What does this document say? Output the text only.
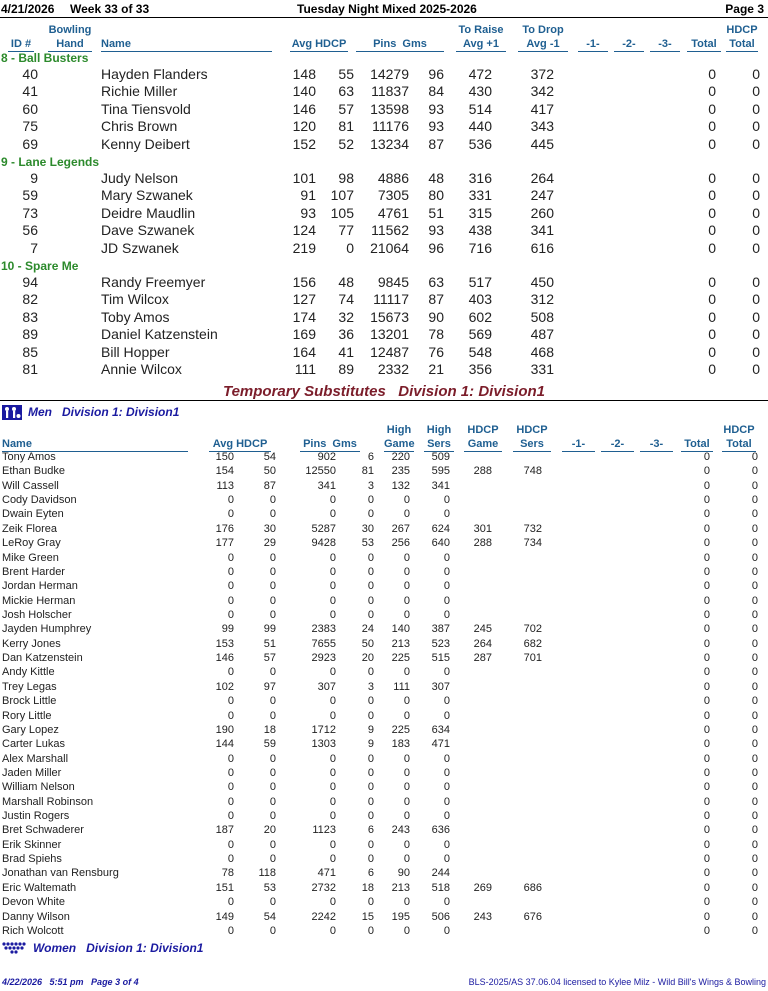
4/21/2026 Week 33 of 33	Tuesday Night Mixed 2025-2026	Page 3
ID #
Bowling
Hand	Name	Avg HDCP	Pins  Gms
To Raise
Avg +1
To Drop
Avg -1	-1-	-2-	-3-	Total
HDCP
Total
8 - Ball Busters
40	Hayden Flanders	148	55	14279	96	472	372	0	0
41	Richie Miller	140	63	11837	84	430	342	0	0
60	Tina Tiensvold	146	57	13598	93	514	417	0	0
75	Chris Brown	120	81	11176	93	440	343	0	0
69	Kenny Deibert	152	52	13234	87	536	445	0	0
9 - Lane Legends
9	Judy Nelson	101	98	4886	48	316	264	0	0
59	Mary Szwanek	91	107	7305	80	331	247	0	0
73	Deidre Maudlin	93	105	4761	51	315	260	0	0
56	Dave Szwanek	124	77	11562	93	438	341	0	0
7	JD Szwanek	219	0	21064	96	716	616	0	0
10 - Spare Me
94	Randy Freemyer	156	48	9845	63	517	450	0	0
82	Tim Wilcox	127	74	11117	87	403	312	0	0
83	Toby Amos	174	32	15673	90	602	508	0	0
89	Daniel Katzenstein	169	36	13201	78	569	487	0	0
85	Bill Hopper	164	41	12487	76	548	468	0	0
81	Annie Wilcox	111	89	2332	21	356	331	0	0
Temporary Substitutes   Division 1: Division1
Men   Division 1: Division1
Name	Avg HDCP	Pins  Gms
High
Game
High
Sers
HDCP
Game
HDCP
Sers	-1-	-2-	-3-	Total
HDCP
Total
Tony Amos	150	54	902	6	220	509	0	0
Ethan Budke	154	50	12550	81	235	595	288	748	0	0
Will Cassell	113	87	341	3	132	341	0	0
Cody Davidson	0	0	0	0	0	0	0	0
Dwain Eyten	0	0	0	0	0	0	0	0
Zeik Florea	176	30	5287	30	267	624	301	732	0	0
LeRoy Gray	177	29	9428	53	256	640	288	734	0	0
Mike Green	0	0	0	0	0	0	0	0
Brent Harder	0	0	0	0	0	0	0	0
Jordan Herman	0	0	0	0	0	0	0	0
Mickie Herman	0	0	0	0	0	0	0	0
Josh Holscher	0	0	0	0	0	0	0	0
Jayden Humphrey	99	99	2383	24	140	387	245	702	0	0
Kerry Jones	153	51	7655	50	213	523	264	682	0	0
Dan Katzenstein	146	57	2923	20	225	515	287	701	0	0
Andy Kittle	0	0	0	0	0	0	0	0
Trey Legas	102	97	307	3	111	307	0	0
Brock Little	0	0	0	0	0	0	0	0
Rory Little	0	0	0	0	0	0	0	0
Gary Lopez	190	18	1712	9	225	634	0	0
Carter Lukas	144	59	1303	9	183	471	0	0
Alex Marshall	0	0	0	0	0	0	0	0
Jaden Miller	0	0	0	0	0	0	0	0
William Nelson	0	0	0	0	0	0	0	0
Marshall Robinson	0	0	0	0	0	0	0	0
Justin Rogers	0	0	0	0	0	0	0	0
Bret Schwaderer	187	20	1123	6	243	636	0	0
Erik Skinner	0	0	0	0	0	0	0	0
Brad Spiehs	0	0	0	0	0	0	0	0
Jonathan van Rensburg	78	118	471	6	90	244	0	0
Eric Waltemath	151	53	2732	18	213	518	269	686	0	0
Devon White	0	0	0	0	0	0	0	0
Danny Wilson	149	54	2242	15	195	506	243	676	0	0
Rich Wolcott	0	0	0	0	0	0	0	0
Women   Division 1: Division1
4/22/2026   5:51 pm   Page 3 of 4	BLS-2025/AS 37.06.04 licensed to Kylee Milz - Wild Bill's Wings & Bowling
